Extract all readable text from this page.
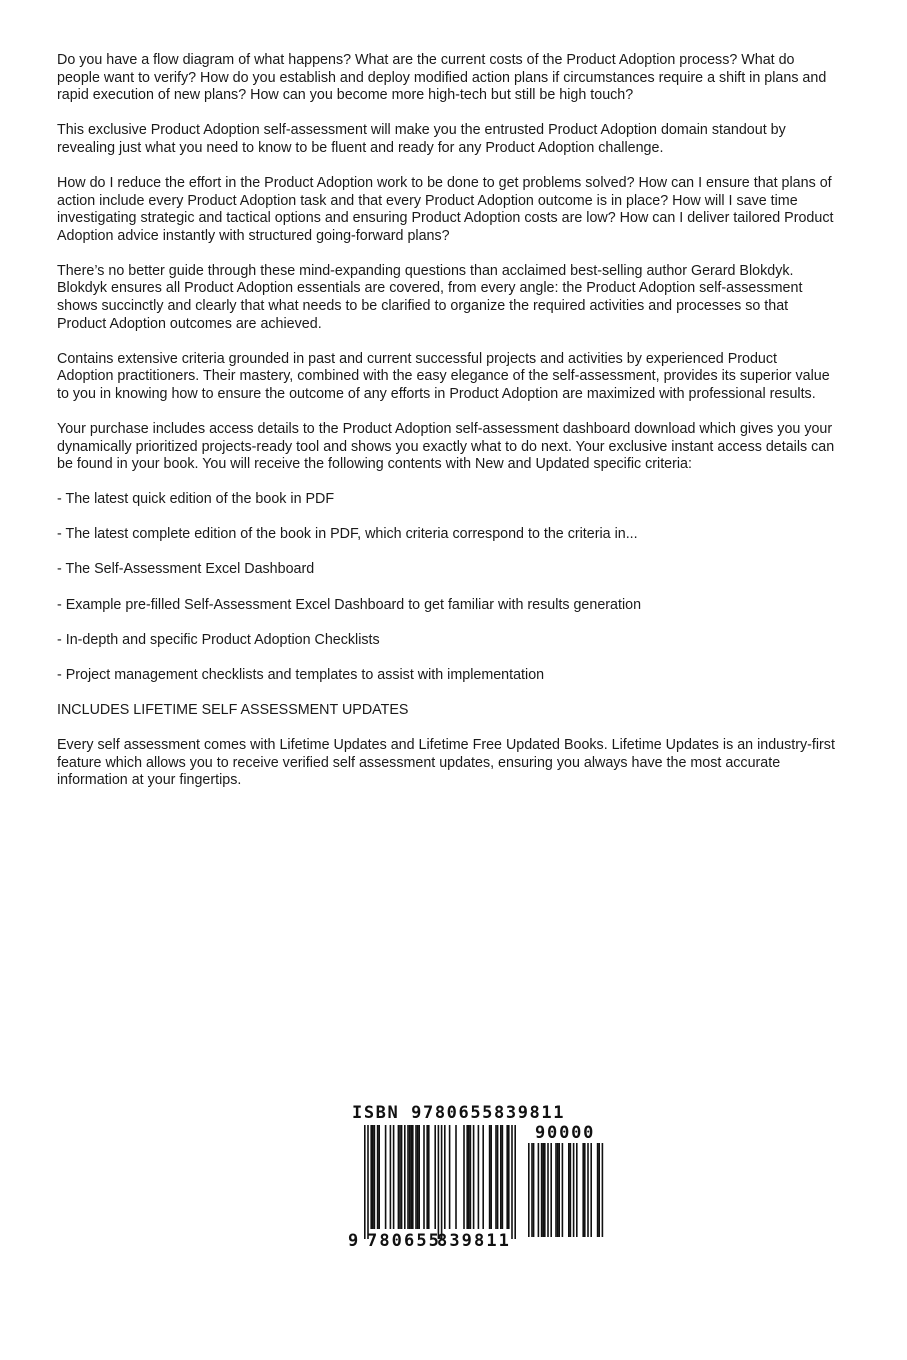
Do you have a flow diagram of what happens? What are the current costs of the Product Adoption process? What do people want to verify? How do you establish and deploy modified action plans if circumstances require a shift in plans and rapid execution of new plans? How can you become more high-tech but still be high touch?

This exclusive Product Adoption self-assessment will make you the entrusted Product Adoption domain standout by revealing just what you need to know to be fluent and ready for any Product Adoption challenge.

How do I reduce the effort in the Product Adoption work to be done to get problems solved? How can I ensure that plans of action include every Product Adoption task and that every Product Adoption outcome is in place? How will I save time investigating strategic and tactical options and ensuring Product Adoption costs are low? How can I deliver tailored Product Adoption advice instantly with structured going-forward plans?

There’s no better guide through these mind-expanding questions than acclaimed best-selling author Gerard Blokdyk. Blokdyk ensures all Product Adoption essentials are covered, from every angle: the Product Adoption self-assessment shows succinctly and clearly that what needs to be clarified to organize the required activities and processes so that Product Adoption outcomes are achieved.

Contains extensive criteria grounded in past and current successful projects and activities by experienced Product Adoption practitioners. Their mastery, combined with the easy elegance of the self-assessment, provides its superior value to you in knowing how to ensure the outcome of any efforts in Product Adoption are maximized with professional results.

Your purchase includes access details to the Product Adoption self-assessment dashboard download which gives you your dynamically prioritized projects-ready tool and shows you exactly what to do next. Your exclusive instant access details can be found in your book. You will receive the following contents with New and Updated specific criteria:

- The latest quick edition of the book in PDF

- The latest complete edition of the book in PDF, which criteria correspond to the criteria in...

- The Self-Assessment Excel Dashboard

- Example pre-filled Self-Assessment Excel Dashboard to get familiar with results generation

- In-depth and specific Product Adoption Checklists

- Project management checklists and templates to assist with implementation

INCLUDES LIFETIME SELF ASSESSMENT UPDATES

Every self assessment comes with Lifetime Updates and Lifetime Free Updated Books. Lifetime Updates is an industry-first feature which allows you to receive verified self assessment updates, ensuring you always have the most accurate information at your fingertips.

ISBN 9780655839811
90000
9 780655
839811
